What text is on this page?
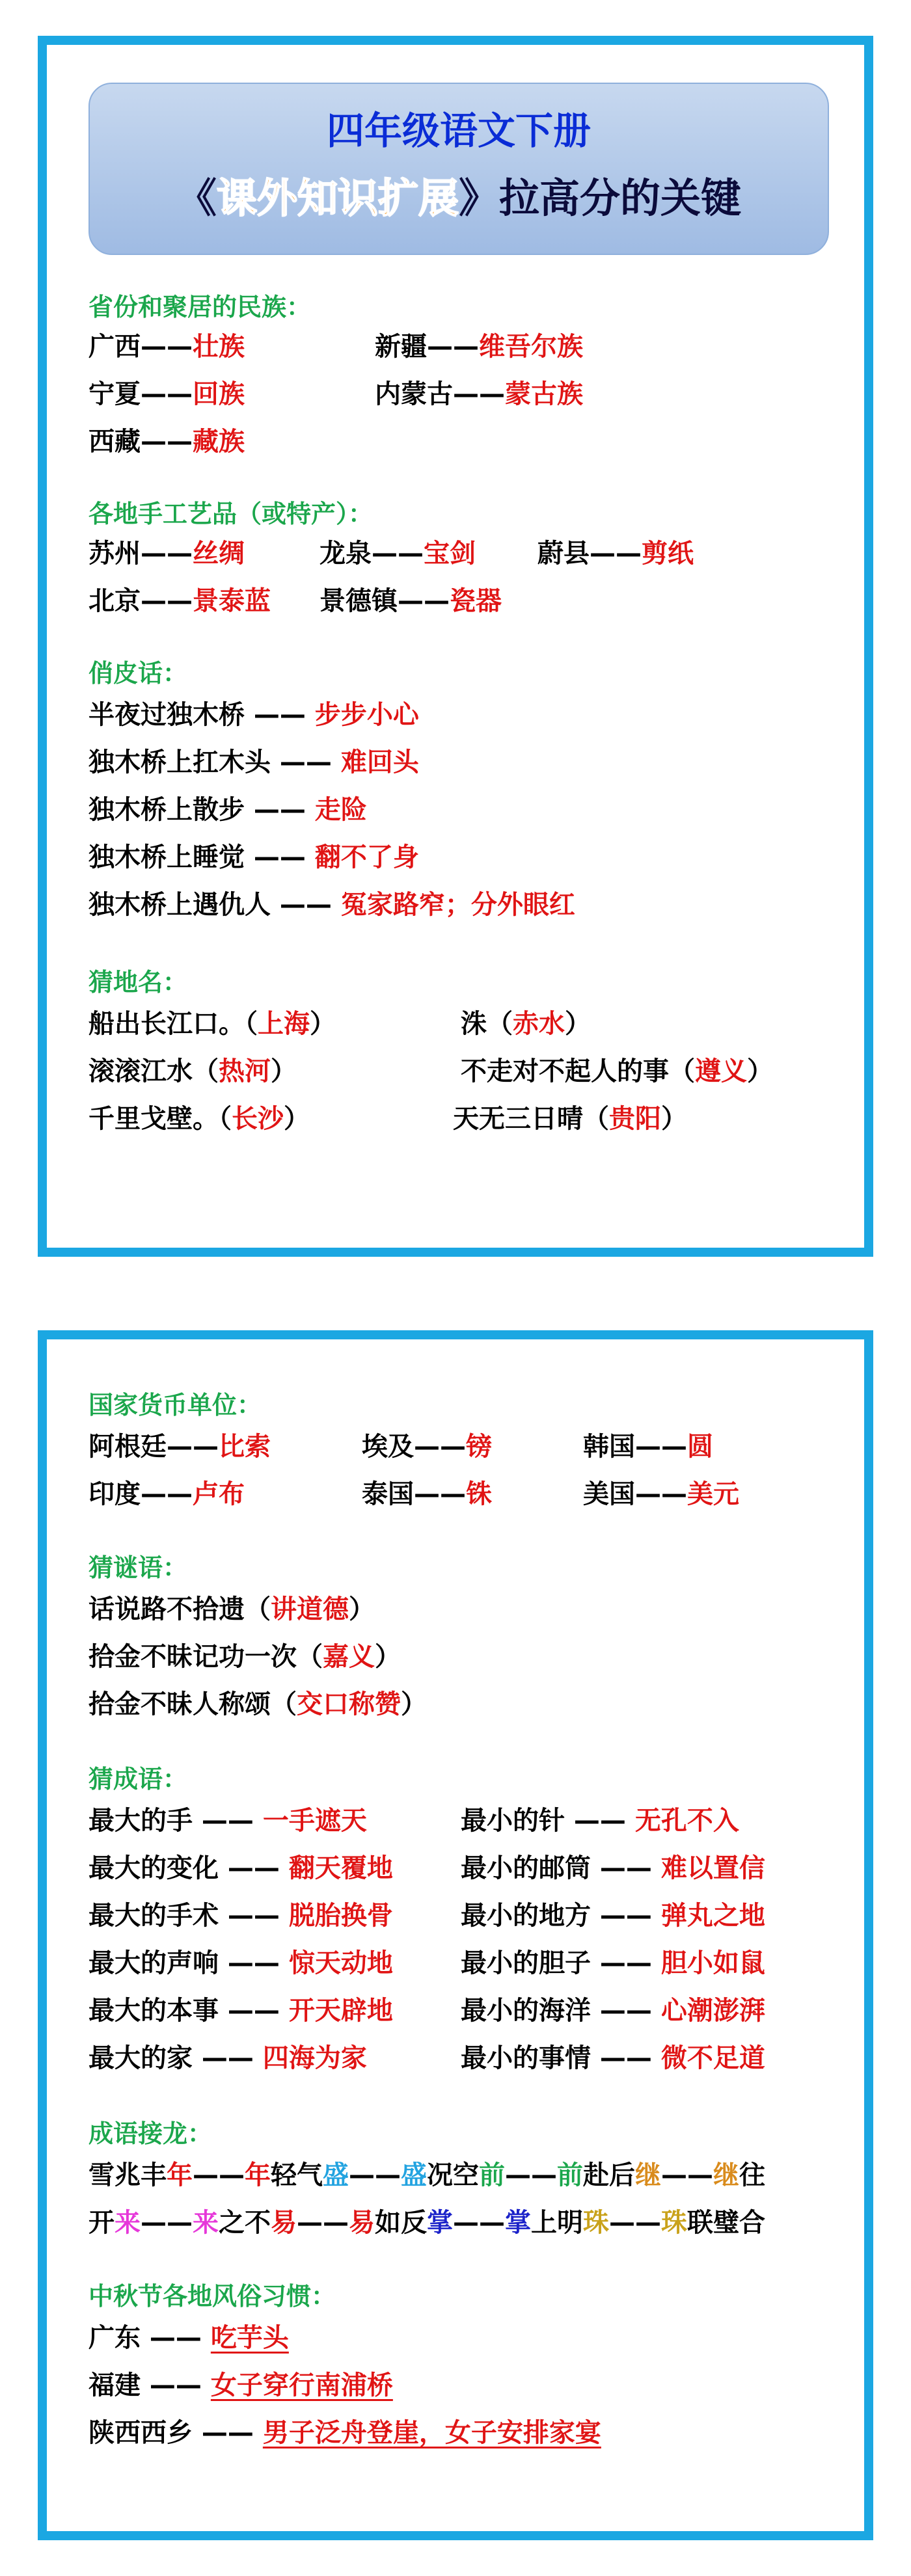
四年级语文下册
《课外知识扩展》拉高分的关键
省份和聚居的民族：
广西——壮族	新疆——维吾尔族
宁夏——回族	内蒙古——蒙古族
西藏——藏族
各地手工艺品（或特产）：
苏州——丝绸	龙泉——宝剑 蔚县——剪纸
北京——景泰蓝 景德镇——瓷器
俏皮话：
半夜过独木桥 —— 步步小心
独木桥上扛木头 —— 难回头
独木桥上散步 —— 走险
独木桥上睡觉 —— 翻不了身
独木桥上遇仇人 —— 冤家路窄；分外眼红
猜地名：
船出长江口。（上海）	洙（赤水）
滚滚江水（热河）	不走对不起人的事（遵义）
千里戈壁。（长沙）	天无三日晴（贵阳）
国家货币单位：
阿根廷——比索	埃及——镑	韩国——圆
印度——卢布	泰国——铢	美国——美元
猜谜语：
话说路不拾遗（讲道德）
拾金不昧记功一次（嘉义）
拾金不昧人称颂（交口称赞）
猜成语：
最大的手 —— 一手遮天	最小的针 —— 无孔不入
最大的变化 —— 翻天覆地	最小的邮筒 —— 难以置信
最大的手术 —— 脱胎换骨	最小的地方 —— 弹丸之地
最大的声响 —— 惊天动地	最小的胆子 —— 胆小如鼠
最大的本事 —— 开天辟地	最小的海洋 —— 心潮澎湃
最大的家 —— 四海为家	最小的事情 —— 微不足道
成语接龙：
雪兆丰年——年轻气盛——盛况空前——前赴后继——继往
开来——来之不易——易如反掌——掌上明珠——珠联璧合
中秋节各地风俗习惯：
广东 —— 吃芋头
福建 —— 女子穿行南浦桥
陕西西乡 —— 男子泛舟登崖，女子安排家宴
